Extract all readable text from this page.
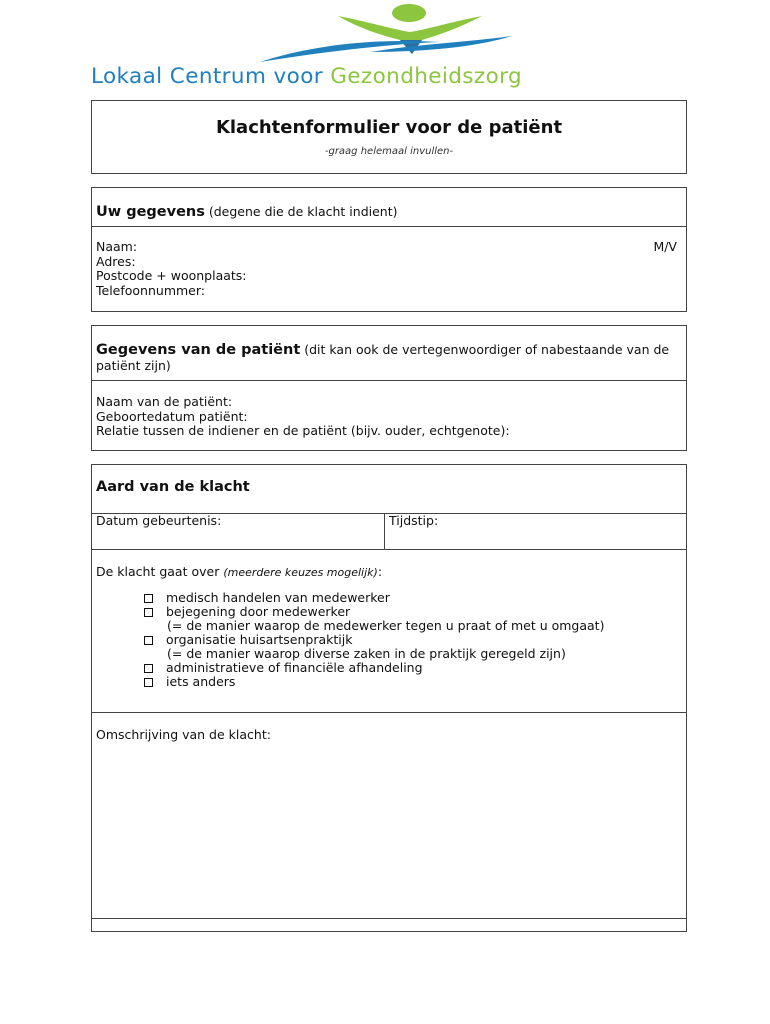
Lokaal Centrum voor Gezondheidszorg
Klachtenformulier voor de patiënt
-graag helemaal invullen-
Uw gegevens (degene die de klacht indient)
Naam:
Adres:
Postcode + woonplaats:
Telefoonnummer:
M/V
Gegevens van de patiënt (dit kan ook de vertegenwoordiger of nabestaande van de patiënt zijn)
Naam van de patiënt:
Geboortedatum patiënt:
Relatie tussen de indiener en de patiënt (bijv. ouder, echtgenote):
Aard van de klacht
Datum gebeurtenis:	Tijdstip:
De klacht gaat over (meerdere keuzes mogelijk):
medisch handelen van medewerker
bejegening door medewerker
(= de manier waarop de medewerker tegen u praat of met u omgaat)
organisatie huisartsenpraktijk
(= de manier waarop diverse zaken in de praktijk geregeld zijn)
administratieve of financiële afhandeling
iets anders
Omschrijving van de klacht:
